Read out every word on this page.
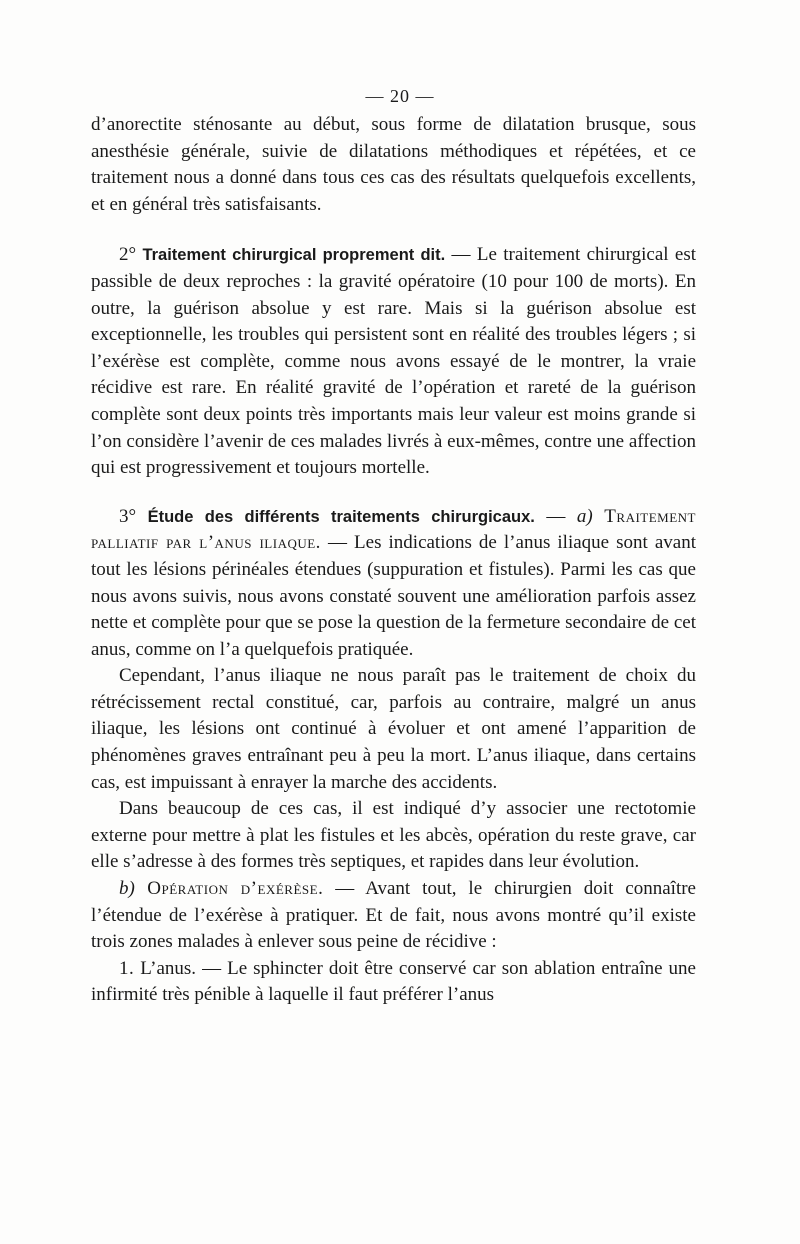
— 20 —

d’anorectite sténosante au début, sous forme de dilatation brusque, sous anesthésie générale, suivie de dilatations méthodiques et répétées, et ce traitement nous a donné dans tous ces cas des résultats quelquefois excellents, et en général très satisfaisants.

2° Traitement chirurgical proprement dit. — Le traitement chirurgical est passible de deux reproches : la gravité opératoire (10 pour 100 de morts). En outre, la guérison absolue y est rare. Mais si la guérison absolue est exceptionnelle, les troubles qui persistent sont en réalité des troubles légers ; si l’exérèse est complète, comme nous avons essayé de le montrer, la vraie récidive est rare. En réalité gravité de l’opération et rareté de la guérison complète sont deux points très importants mais leur valeur est moins grande si l’on considère l’avenir de ces malades livrés à eux-mêmes, contre une affection qui est progressivement et toujours mortelle.

3° Étude des différents traitements chirurgicaux. — a) Traitement palliatif par l’anus iliaque. — Les indications de l’anus iliaque sont avant tout les lésions périnéales étendues (suppuration et fistules). Parmi les cas que nous avons suivis, nous avons constaté souvent une amélioration parfois assez nette et complète pour que se pose la question de la fermeture secondaire de cet anus, comme on l’a quelquefois pratiquée.

Cependant, l’anus iliaque ne nous paraît pas le traitement de choix du rétrécissement rectal constitué, car, parfois au contraire, malgré un anus iliaque, les lésions ont continué à évoluer et ont amené l’apparition de phénomènes graves entraînant peu à peu la mort. L’anus iliaque, dans certains cas, est impuissant à enrayer la marche des accidents.

Dans beaucoup de ces cas, il est indiqué d’y associer une rectotomie externe pour mettre à plat les fistules et les abcès, opération du reste grave, car elle s’adresse à des formes très septiques, et rapides dans leur évolution.

b) Opération d’exérèse. — Avant tout, le chirurgien doit connaître l’étendue de l’exérèse à pratiquer. Et de fait, nous avons montré qu’il existe trois zones malades à enlever sous peine de récidive :

1. L’anus. — Le sphincter doit être conservé car son ablation entraîne une infirmité très pénible à laquelle il faut préférer l’anus
